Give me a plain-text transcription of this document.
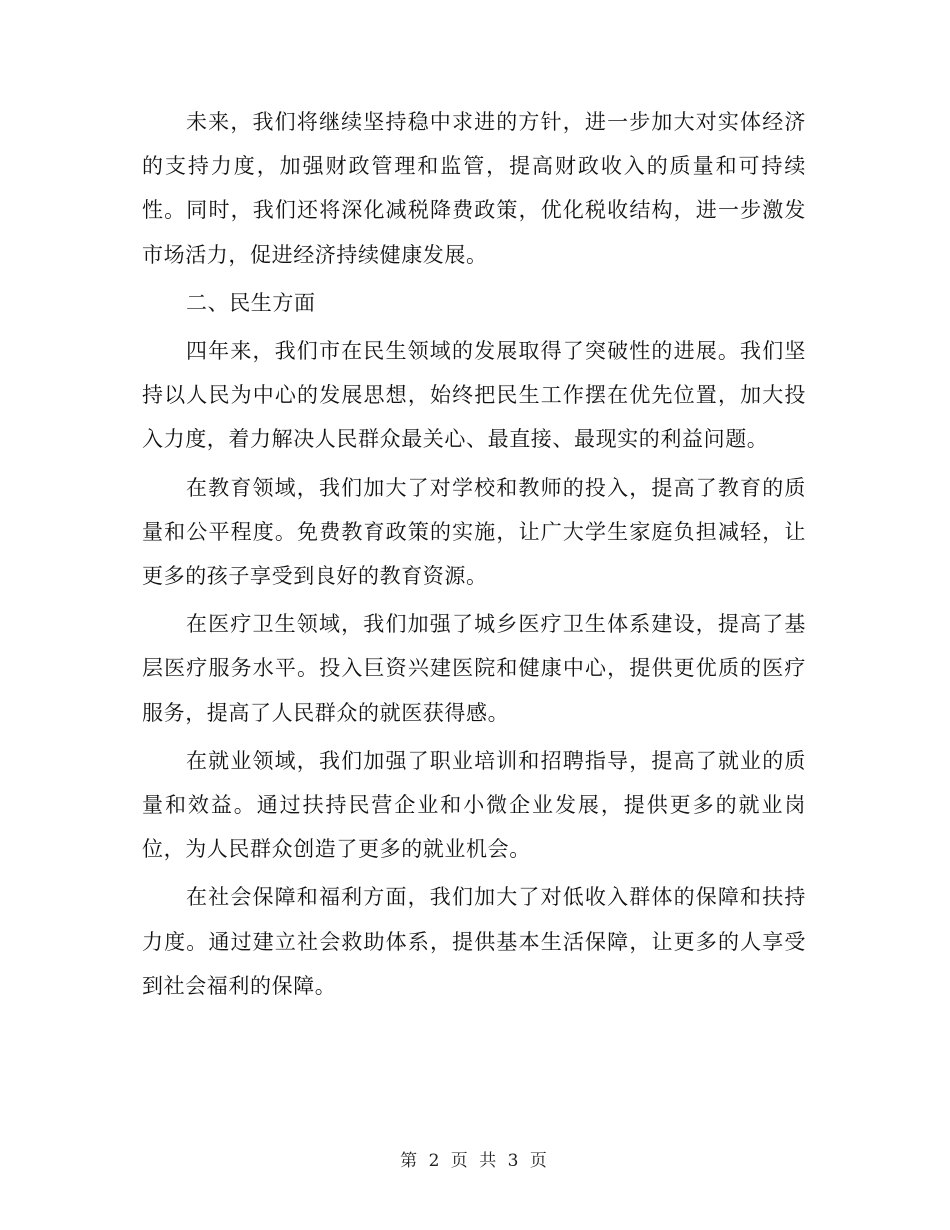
未来，我们将继续坚持稳中求进的方针，进一步加大对实体经济的支持力度，加强财政管理和监管，提高财政收入的质量和可持续性。同时，我们还将深化减税降费政策，优化税收结构，进一步激发市场活力，促进经济持续健康发展。

二、民生方面

四年来，我们市在民生领域的发展取得了突破性的进展。我们坚持以人民为中心的发展思想，始终把民生工作摆在优先位置，加大投入力度，着力解决人民群众最关心、最直接、最现实的利益问题。

在教育领域，我们加大了对学校和教师的投入，提高了教育的质量和公平程度。免费教育政策的实施，让广大学生家庭负担减轻，让更多的孩子享受到良好的教育资源。

在医疗卫生领域，我们加强了城乡医疗卫生体系建设，提高了基层医疗服务水平。投入巨资兴建医院和健康中心，提供更优质的医疗服务，提高了人民群众的就医获得感。

在就业领域，我们加强了职业培训和招聘指导，提高了就业的质量和效益。通过扶持民营企业和小微企业发展，提供更多的就业岗位，为人民群众创造了更多的就业机会。

在社会保障和福利方面，我们加大了对低收入群体的保障和扶持力度。通过建立社会救助体系，提供基本生活保障，让更多的人享受到社会福利的保障。

第 2 页 共 3 页
